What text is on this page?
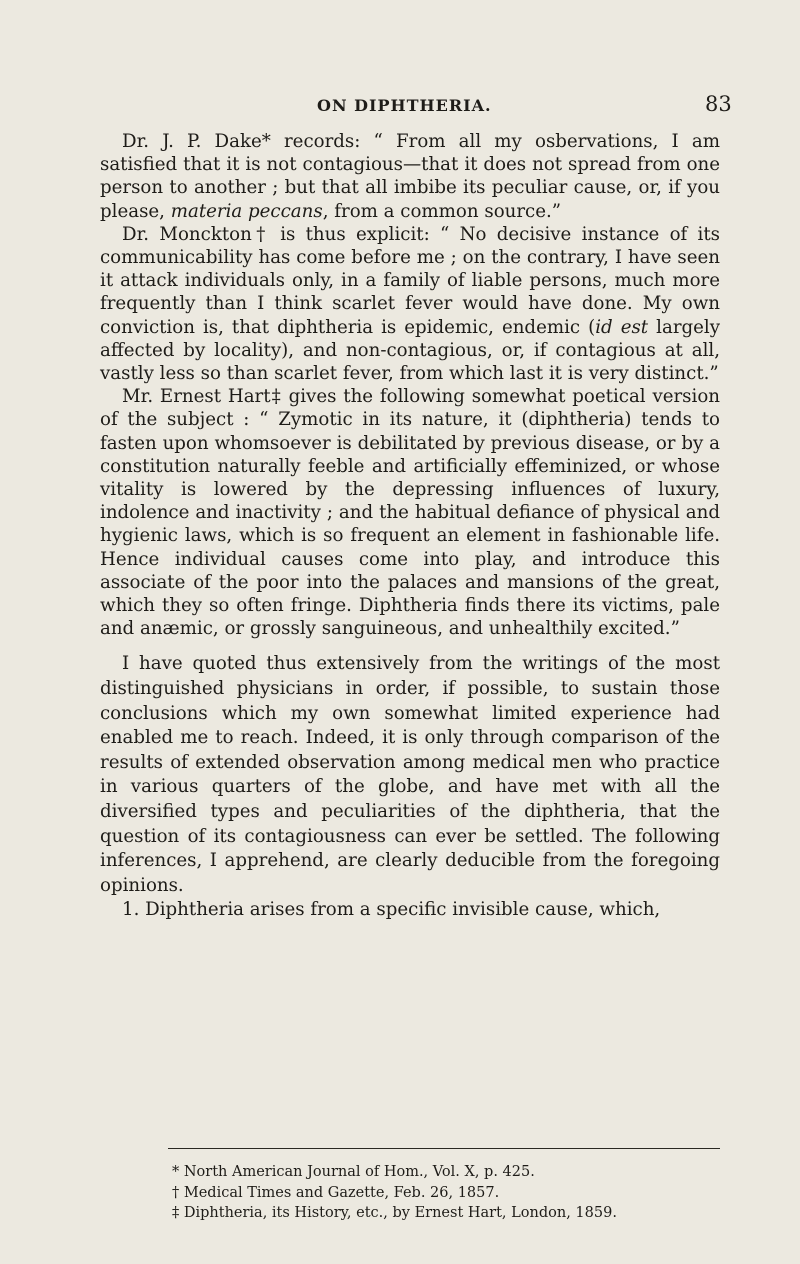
ON DIPHTHERIA.	83

Dr. J. P. Dake* records: “ From all my osbervations, I am satisfied that it is not contagious—that it does not spread from one person to another ; but that all imbibe its peculiar cause, or, if you please, materia peccans, from a common source.”

Dr. Monckton† is thus explicit: “ No decisive instance of its communicability has come before me ; on the contrary, I have seen it attack individuals only, in a family of liable persons, much more frequently than I think scarlet fever would have done. My own conviction is, that diphtheria is epidemic, endemic (id est largely affected by locality), and non-contagious, or, if contagious at all, vastly less so than scarlet fever, from which last it is very distinct.”

Mr. Ernest Hart‡ gives the following somewhat poetical version of the subject : “ Zymotic in its nature, it (diphtheria) tends to fasten upon whomsoever is debilitated by previous disease, or by a constitution naturally feeble and artificially effeminized, or whose vitality is lowered by the depressing influences of luxury, indolence and inactivity ; and the habitual defiance of physical and hygienic laws, which is so frequent an element in fashionable life. Hence individual causes come into play, and introduce this associate of the poor into the palaces and mansions of the great, which they so often fringe. Diphtheria finds there its victims, pale and anæmic, or grossly sanguineous, and unhealthily excited.”

I have quoted thus extensively from the writings of the most distinguished physicians in order, if possible, to sustain those conclusions which my own somewhat limited experience had enabled me to reach. Indeed, it is only through comparison of the results of extended observation among medical men who practice in various quarters of the globe, and have met with all the diversified types and peculiarities of the diphtheria, that the question of its contagiousness can ever be settled. The following inferences, I apprehend, are clearly deducible from the foregoing opinions.

1. Diphtheria arises from a specific invisible cause, which,

* North American Journal of Hom., Vol. X, p. 425.
† Medical Times and Gazette, Feb. 26, 1857.
‡ Diphtheria, its History, etc., by Ernest Hart, London, 1859.
